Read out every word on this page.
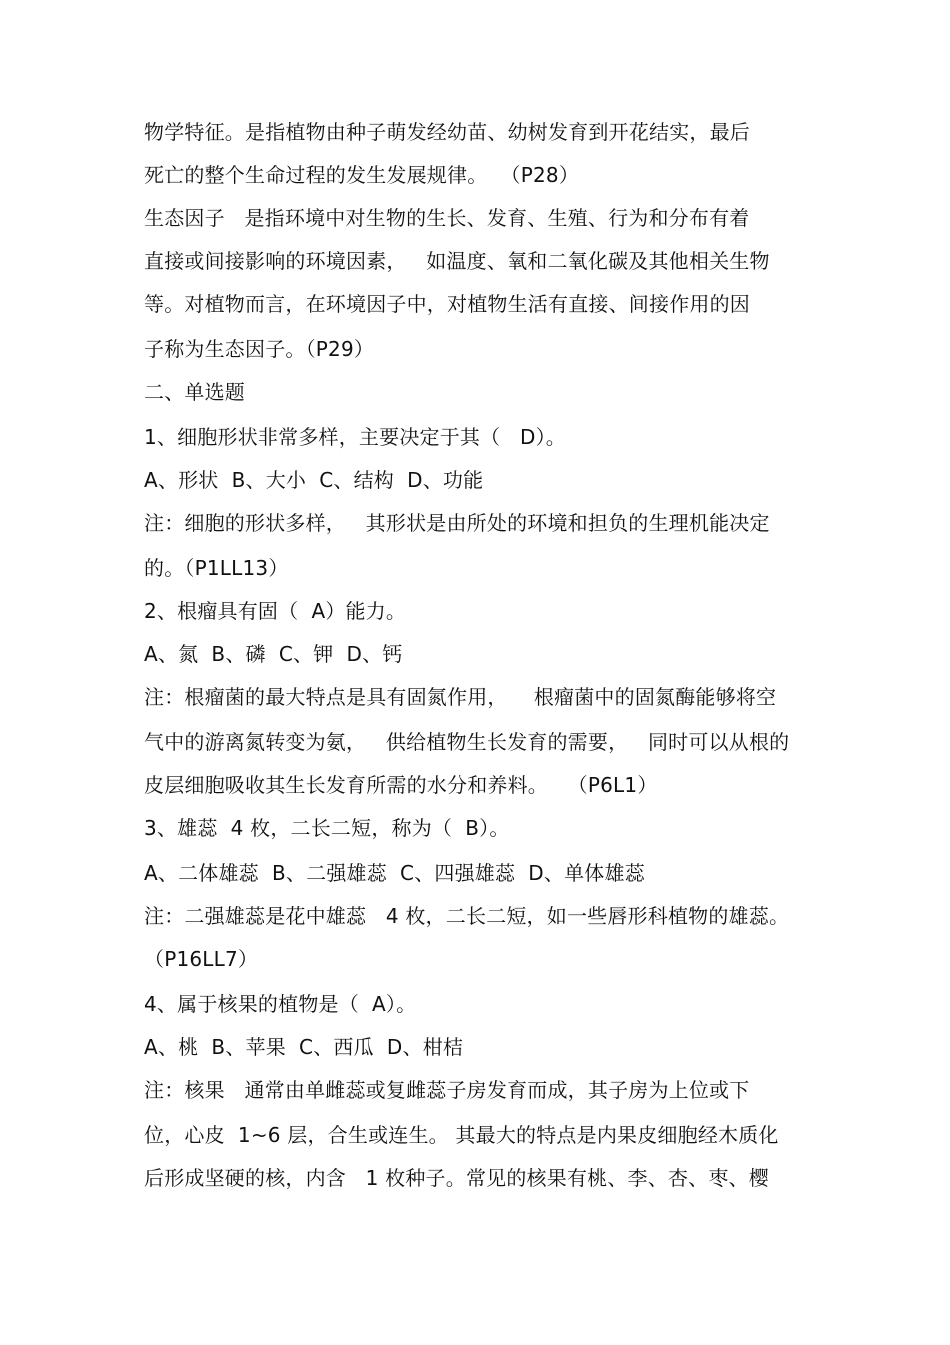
物学特征。是指植物由种子萌发经幼苗、幼树发育到开花结实，最后
死亡的整个生命过程的发生发展规律。  （P28）
生态因子   是指环境中对生物的生长、发育、生殖、行为和分布有着
直接或间接影响的环境因素，   如温度、氧和二氧化碳及其他相关生物
等。对植物而言，在环境因子中，对植物生活有直接、间接作用的因
子称为生态因子。（P29）
二、单选题
1、细胞形状非常多样，主要决定于其（   D）。
A、形状  B、大小  C、结构  D、功能
注：细胞的形状多样，   其形状是由所处的环境和担负的生理机能决定
的。（P1LL13）
2、根瘤具有固（  A）能力。
A、氮  B、磷  C、钾  D、钙
注：根瘤菌的最大特点是具有固氮作用，    根瘤菌中的固氮酶能够将空
气中的游离氮转变为氨，   供给植物生长发育的需要，   同时可以从根的
皮层细胞吸收其生长发育所需的水分和养料。   （P6L1）
3、雄蕊  4 枚，二长二短，称为（  B）。
A、二体雄蕊  B、二强雄蕊  C、四强雄蕊  D、单体雄蕊
注：二强雄蕊是花中雄蕊   4 枚，二长二短，如一些唇形科植物的雄蕊。
（P16LL7）
4、属于核果的植物是（  A）。
A、桃  B、苹果  C、西瓜  D、柑桔
注：核果   通常由单雌蕊或复雌蕊子房发育而成，其子房为上位或下
位，心皮  1~6 层，合生或连生。 其最大的特点是内果皮细胞经木质化
后形成坚硬的核，内含   1 枚种子。常见的核果有桃、李、杏、枣、樱
